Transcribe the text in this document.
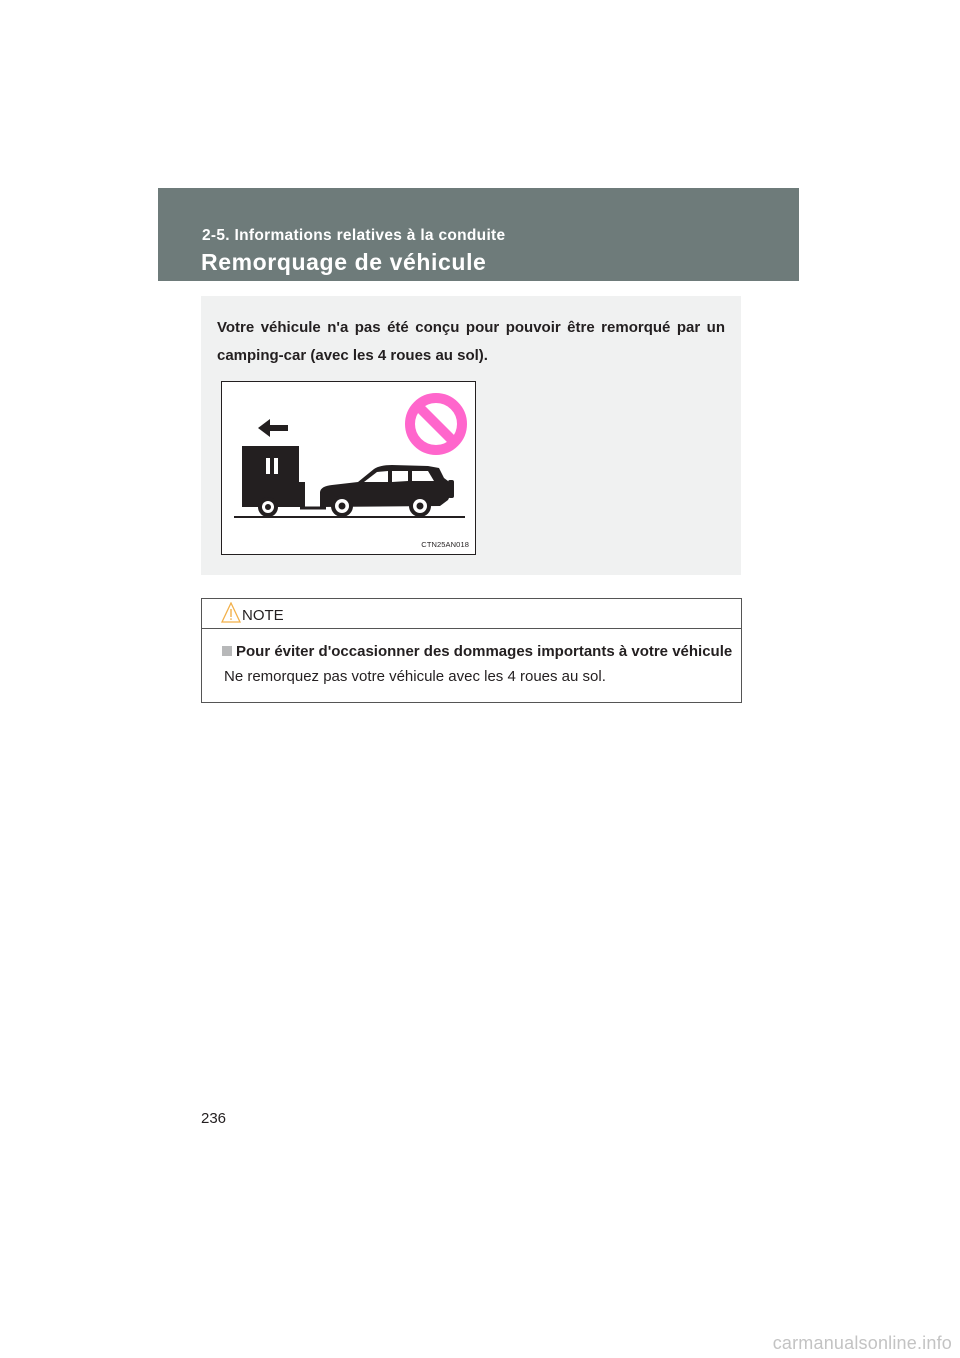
2-5. Informations relatives à la conduite
Remorquage de véhicule
Votre véhicule n'a pas été conçu pour pouvoir être remorqué par un camping-car (avec les 4 roues au sol).
CTN25AN018
NOTE
Pour éviter d'occasionner des dommages importants à votre véhicule
Ne remorquez pas votre véhicule avec les 4 roues au sol.
236
carmanualsonline.info
